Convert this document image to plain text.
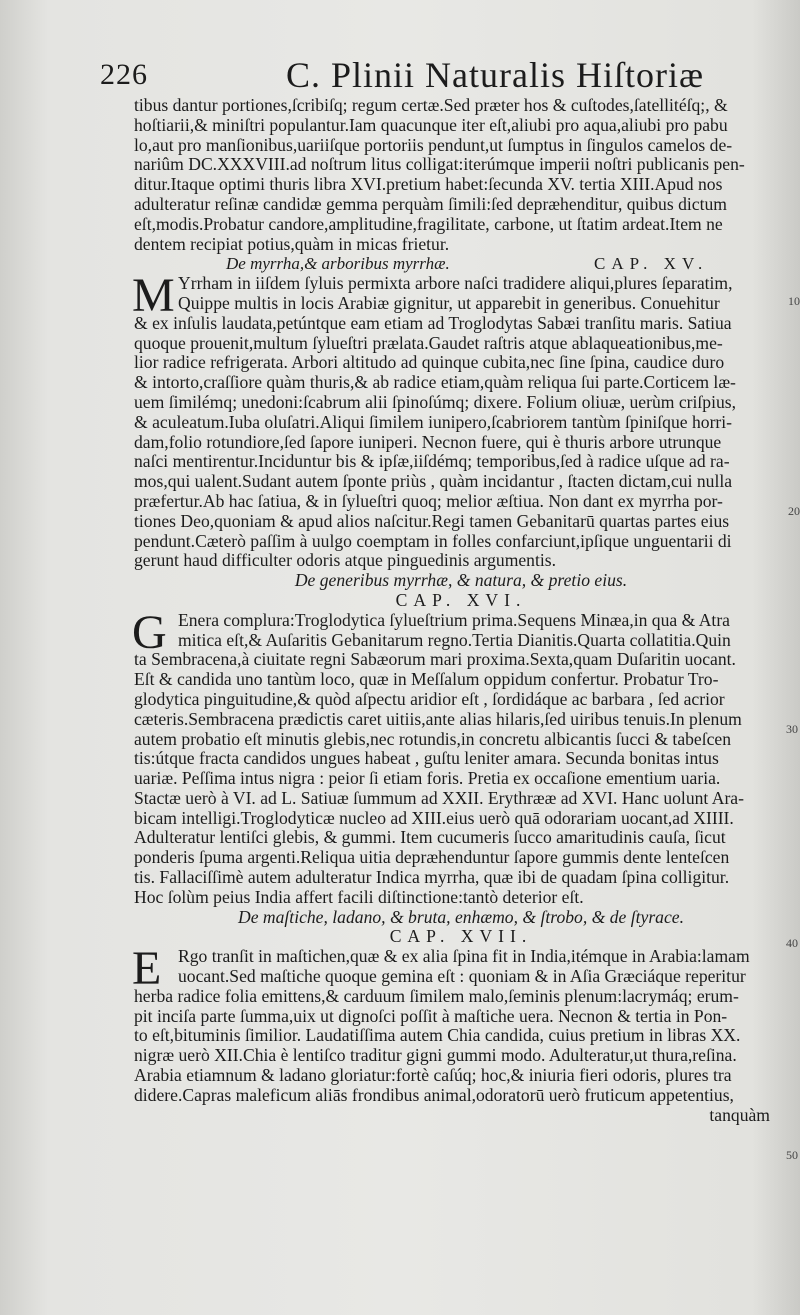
226	C. Plinii Naturalis Hiſtoriæ
tibus dantur portiones,ſcribiſq; regum certæ.Sed præter hos & cuſtodes,ſatellitéſq;, &
hoſtiarii,& miniſtri populantur.Iam quacunque iter eſt,aliubi pro aqua,aliubi pro pabu
lo,aut pro manſionibus,uariiſque portoriis pendunt,ut ſumptus in ſingulos camelos de-
nariûm DC.XXXVIII.ad noſtrum litus colligat:iterúmque imperii noſtri publicanis pen-
ditur.Itaque optimi thuris libra XVI.pretium habet:ſecunda XV. tertia XIII.Apud nos
adulteratur reſinæ candidæ gemma perquàm ſimili:ſed depræhenditur, quibus dictum
eſt,modis.Probatur candore,amplitudine,fragilitate, carbone, ut ſtatim ardeat.Item ne
dentem recipiat potius,quàm in micas frietur.
De myrrha,& arboribus myrrhæ.	CAP. XV.
M Yrrham in iiſdem ſyluis permixta arbore naſci tradidere aliqui,plures ſeparatim,
Quippe multis in locis Arabiæ gignitur, ut apparebit in generibus. Conuehitur
& ex inſulis laudata,petúntque eam etiam ad Troglodytas Sabæi tranſitu maris. Satiua
quoque prouenit,multum ſylueſtri prælata.Gaudet raſtris atque ablaqueationibus,me-
lior radice refrigerata. Arbori altitudo ad quinque cubita,nec ſine ſpina, caudice duro
& intorto,craſſiore quàm thuris,& ab radice etiam,quàm reliqua ſui parte.Corticem læ-
uem ſimilémq; unedoni:ſcabrum alii ſpinoſúmq; dixere. Folium oliuæ, uerùm criſpius,
& aculeatum.Iuba oluſatri.Aliqui ſimilem iunipero,ſcabriorem tantùm ſpiniſque horri-
dam,folio rotundiore,ſed ſapore iuniperi. Necnon fuere, qui è thuris arbore utrunque
naſci mentirentur.Inciduntur bis & ipſæ,iiſdémq; temporibus,ſed à radice uſque ad ra-
mos,qui ualent.Sudant autem ſponte priùs , quàm incidantur , ſtacten dictam,cui nulla
præfertur.Ab hac ſatiua, & in ſylueſtri quoq; melior æſtiua. Non dant ex myrrha por-
tiones Deo,quoniam & apud alios naſcitur.Regi tamen Gebanitarū quartas partes eius
pendunt.Cæterò paſſim à uulgo coemptam in folles confarciunt,ipſique unguentarii di
gerunt haud difficulter odoris atque pinguedinis argumentis.
De generibus myrrhæ, & natura, & pretio eius.
CAP. XVI.
G Enera complura:Troglodytica ſylueſtrium prima.Sequens Minæa,in qua & Atra
mitica eſt,& Auſaritis Gebanitarum regno.Tertia Dianitis.Quarta collatitia.Quin
ta Sembracena,à ciuitate regni Sabæorum mari proxima.Sexta,quam Duſaritin uocant.
Eſt & candida uno tantùm loco, quæ in Meſſalum oppidum confertur. Probatur Tro-
glodytica pinguitudine,& quòd aſpectu aridior eſt , ſordidáque ac barbara , ſed acrior
cæteris.Sembracena prædictis caret uitiis,ante alias hilaris,ſed uiribus tenuis.In plenum
autem probatio eſt minutis glebis,nec rotundis,in concretu albicantis ſucci & tabeſcen
tis:útque fracta candidos ungues habeat , guſtu leniter amara. Secunda bonitas intus
uariæ. Peſſima intus nigra : peior ſi etiam foris. Pretia ex occaſione ementium uaria.
Stactæ uerò à VI. ad L. Satiuæ ſummum ad XXII. Erythrææ ad XVI. Hanc uolunt Ara-
bicam intelligi.Troglodyticæ nucleo ad XIII.eius uerò quā odorariam uocant,ad XIIII.
Adulteratur lentiſci glebis, & gummi. Item cucumeris ſucco amaritudinis cauſa, ſicut
ponderis ſpuma argenti.Reliqua uitia depræhenduntur ſapore gummis dente lenteſcen
tis. Fallaciſſimè autem adulteratur Indica myrrha, quæ ibi de quadam ſpina colligitur.
Hoc ſolùm peius India affert facili diſtinctione:tantò deterior eſt.
De maſtiche, ladano, & bruta, enhæmo, & ſtrobo, & de ſtyrace.
CAP. XVII.
E Rgo tranſit in maſtichen,quæ & ex alia ſpina fit in India,itémque in Arabia:lamam
uocant.Sed maſtiche quoque gemina eſt : quoniam & in Aſia Græciáque reperitur
herba radice folia emittens,& carduum ſimilem malo,ſeminis plenum:lacrymáq; erum-
pit inciſa parte ſumma,uix ut dignoſci poſſit à maſtiche uera. Necnon & tertia in Pon-
to eſt,bituminis ſimilior. Laudatiſſima autem Chia candida, cuius pretium in libras XX.
nigræ uerò XII.Chia è lentiſco traditur gigni gummi modo. Adulteratur,ut thura,reſina.
Arabia etiamnum & ladano gloriatur:fortè caſúq; hoc,& iniuria fieri odoris, plures tra
didere.Capras maleficum aliās frondibus animal,odoratorū uerò fruticum appetentius,
tanquàm
10
20
30
40
50
